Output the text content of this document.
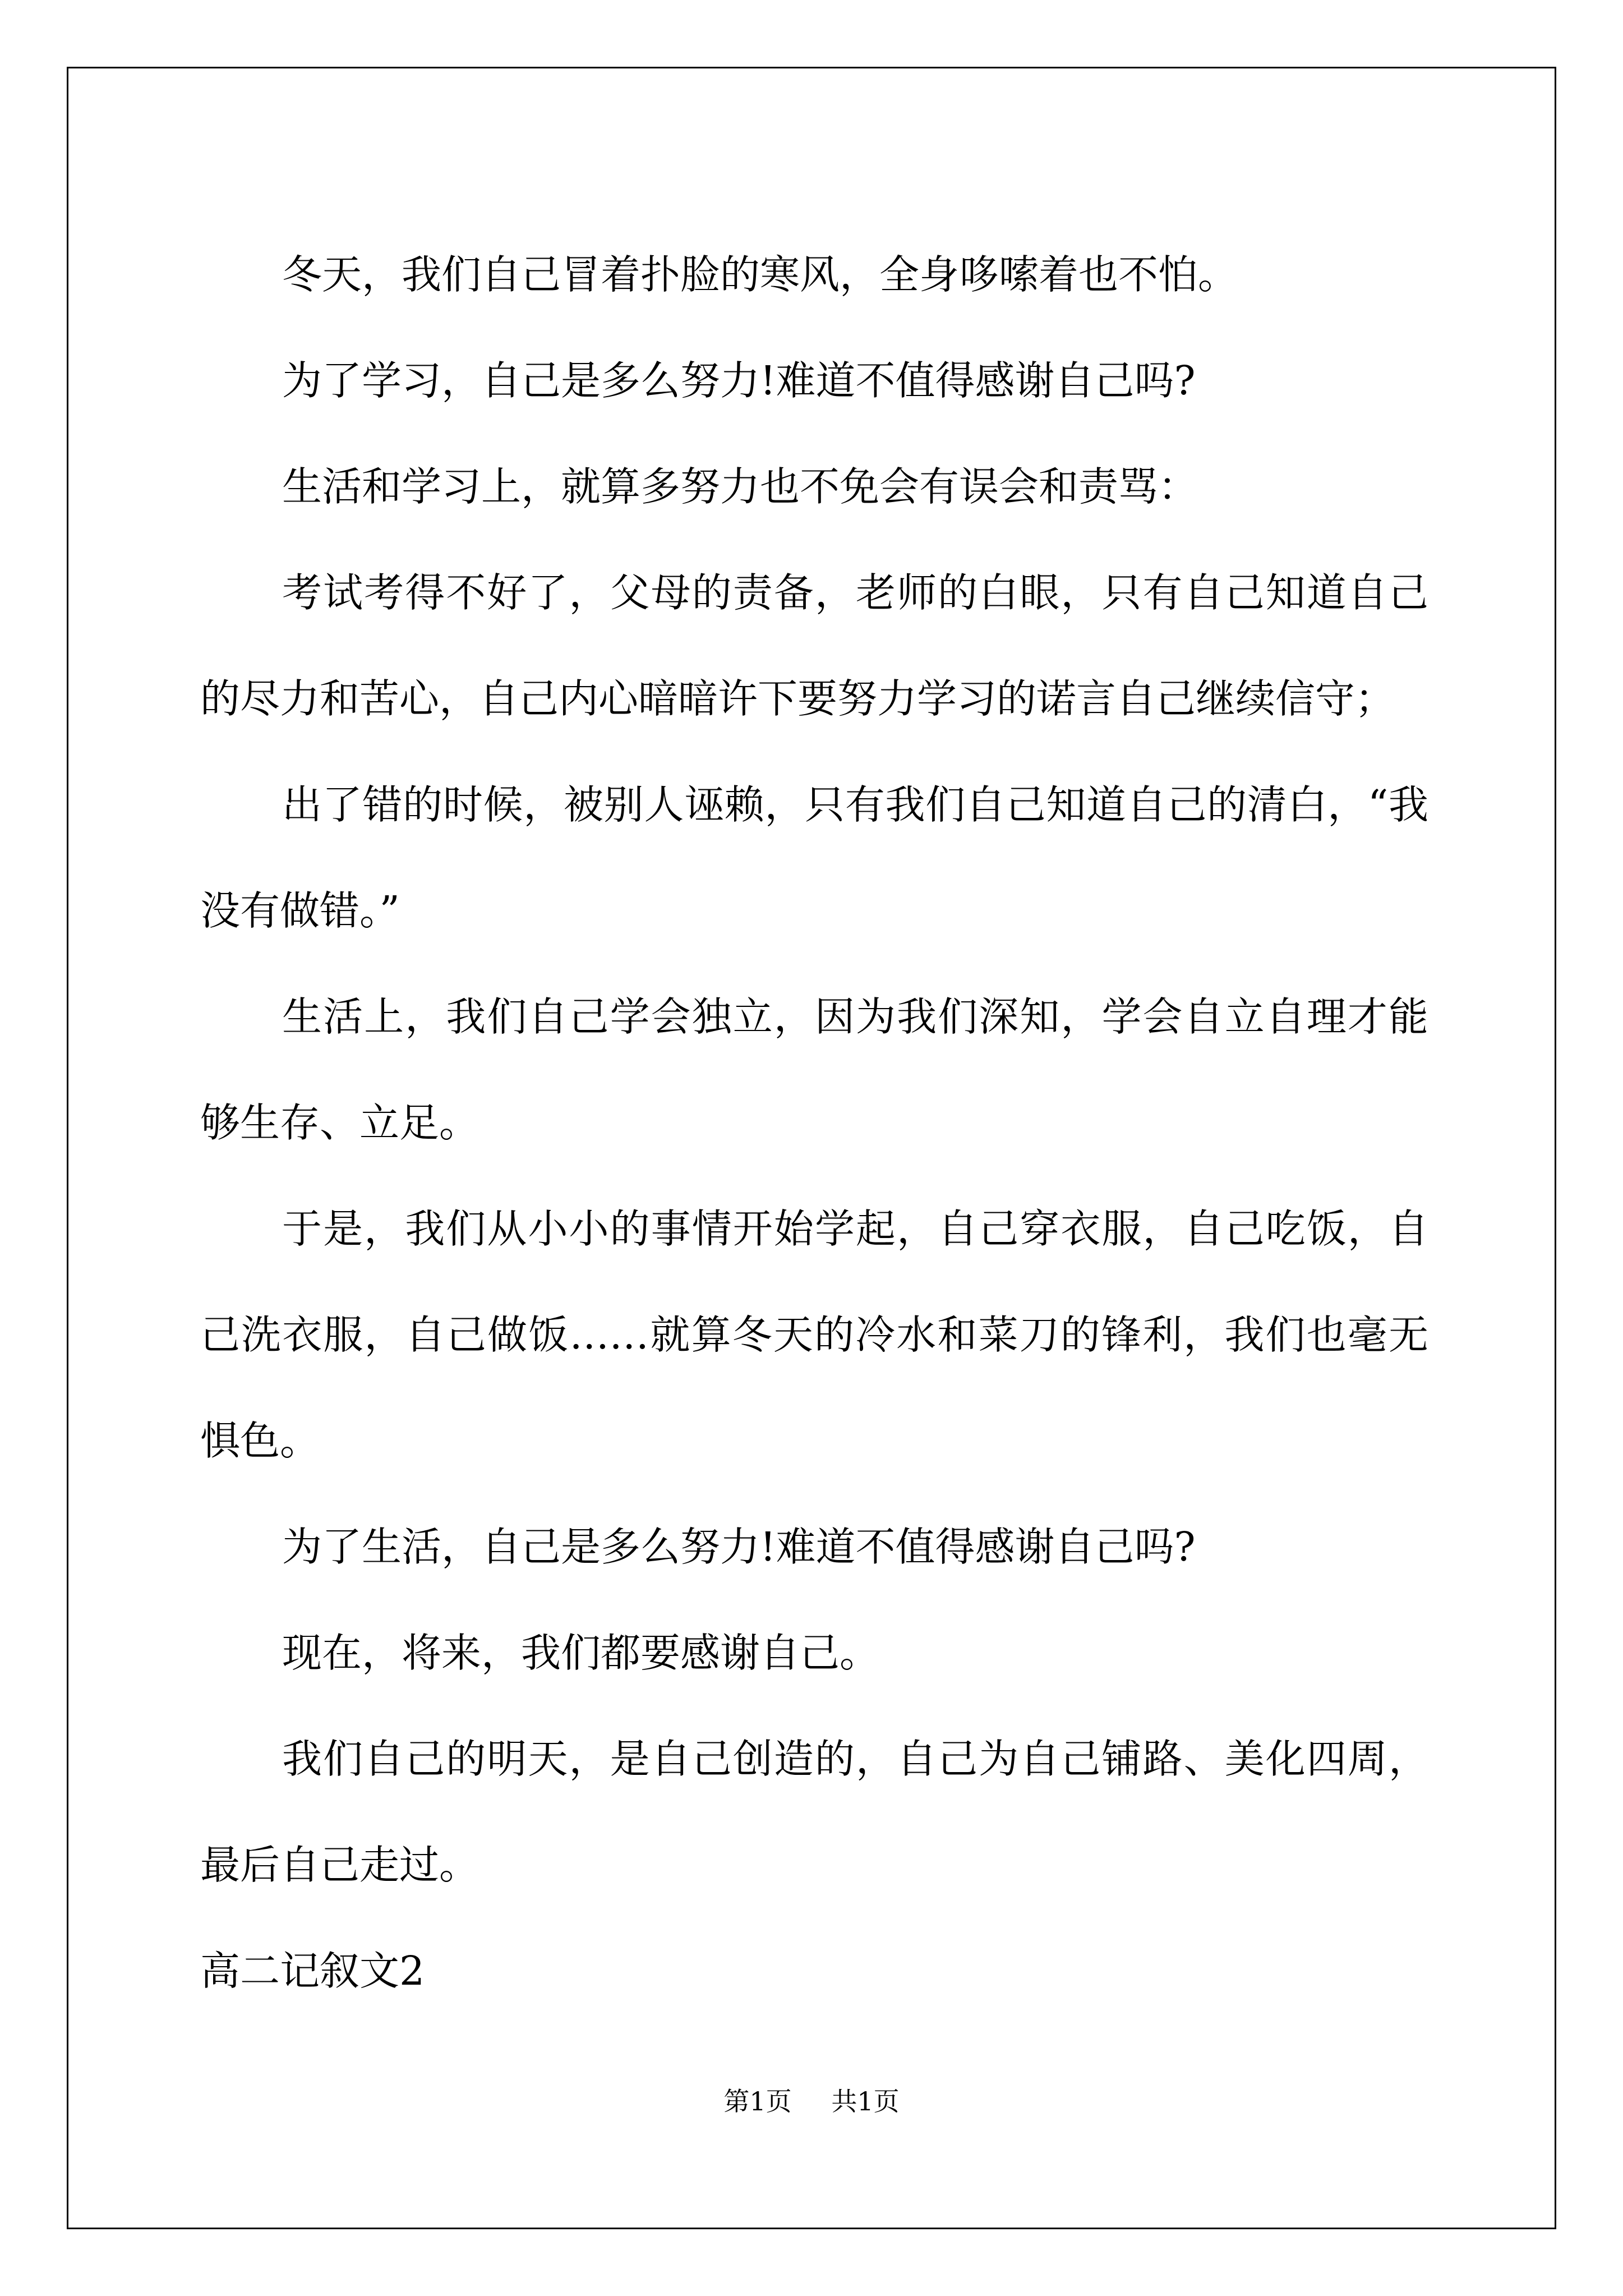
冬天，我们自己冒着扑脸的寒风，全身哆嗦着也不怕。

为了学习，自己是多么努力!难道不值得感谢自己吗?

生活和学习上，就算多努力也不免会有误会和责骂：

考试考得不好了，父母的责备，老师的白眼，只有自己知道自己的尽力和苦心，自己内心暗暗许下要努力学习的诺言自己继续信守；

出了错的时候，被别人诬赖，只有我们自己知道自己的清白，“我没有做错。”

生活上，我们自己学会独立，因为我们深知，学会自立自理才能够生存、立足。

于是，我们从小小的事情开始学起，自己穿衣服，自己吃饭，自己洗衣服，自己做饭……就算冬天的冷水和菜刀的锋利，我们也毫无惧色。

为了生活，自己是多么努力!难道不值得感谢自己吗?

现在，将来，我们都要感谢自己。

我们自己的明天，是自己创造的，自己为自己铺路、美化四周，最后自己走过。

高二记叙文2

第1页 共1页
